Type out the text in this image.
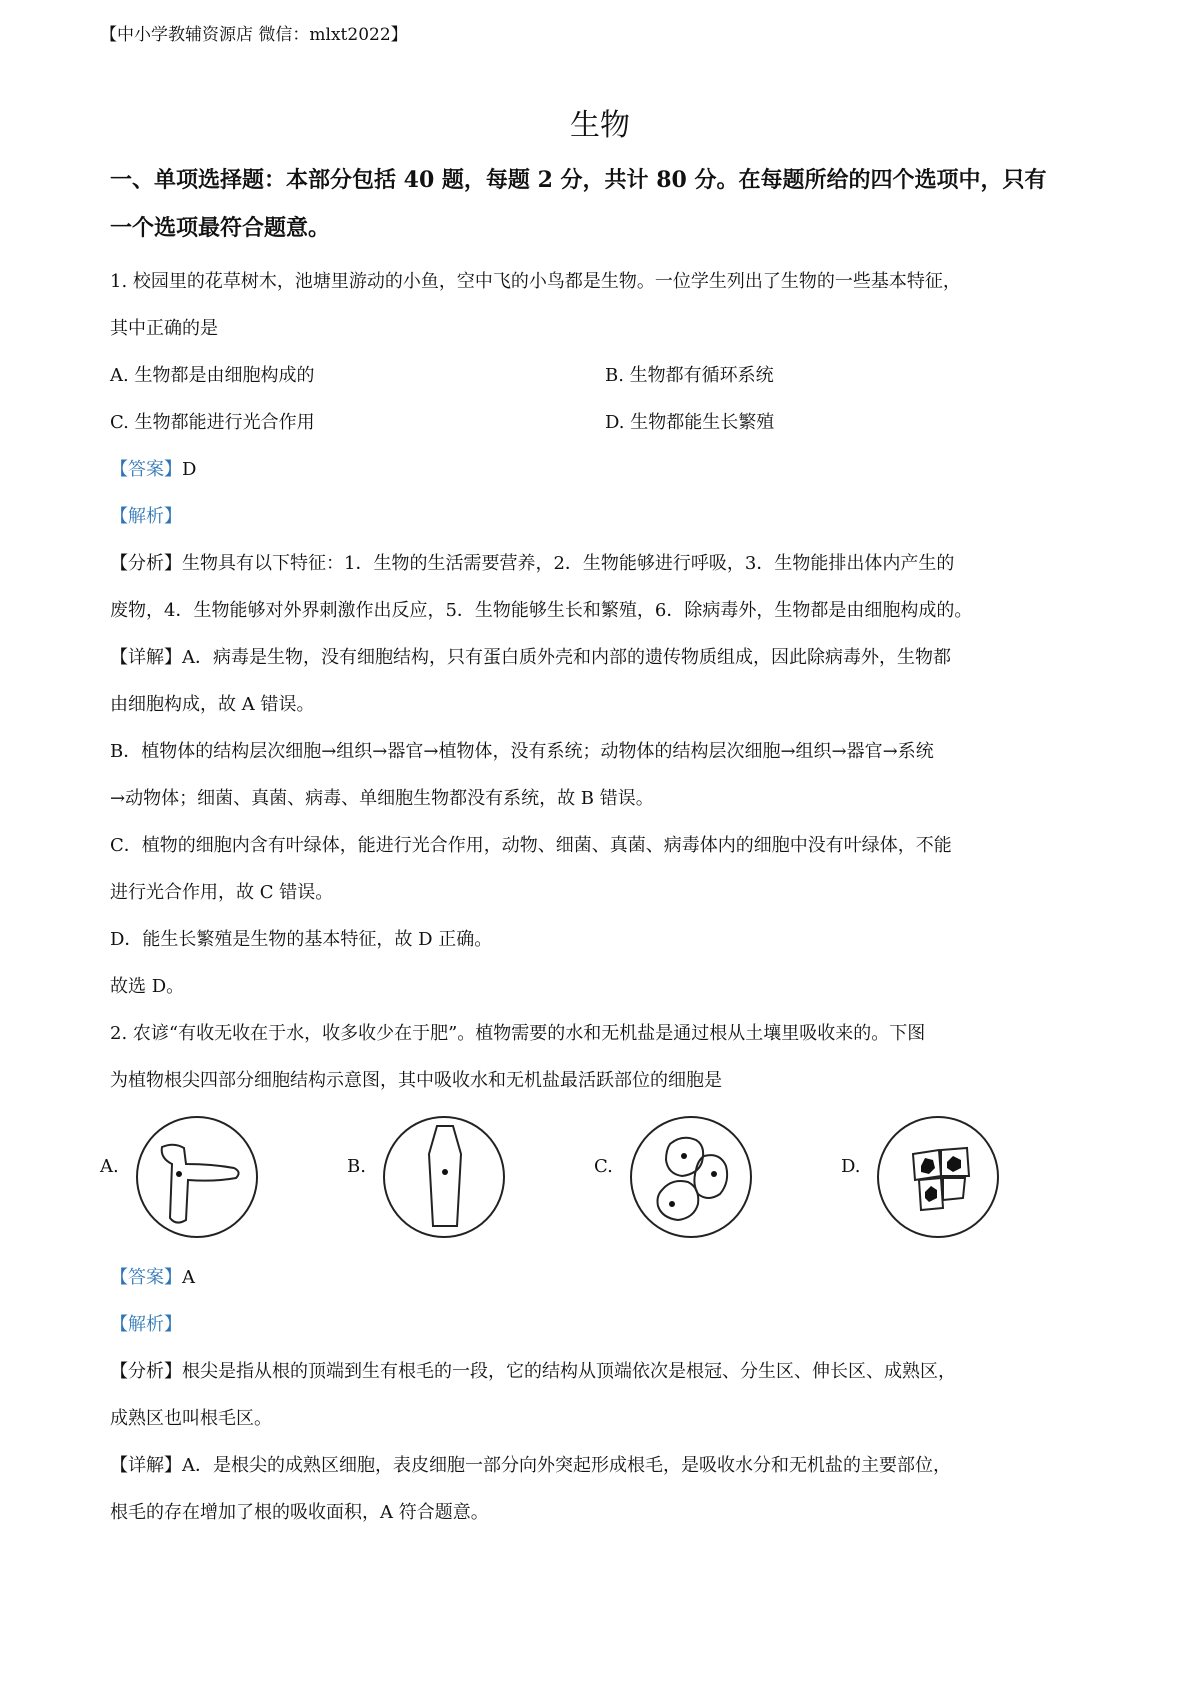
【中小学教辅资源店 微信：mlxt2022】
生物
一、单项选择题：本部分包括 40 题，每题 2 分，共计 80 分。在每题所给的四个选项中，只有
一个选项最符合题意。

1. 校园里的花草树木，池塘里游动的小鱼，空中飞的小鸟都是生物。一位学生列出了生物的一些基本特征，

其中正确的是

A. 生物都是由细胞构成的	B. 生物都有循环系统

C. 生物都能进行光合作用	D. 生物都能生长繁殖

【答案】D

【解析】

【分析】生物具有以下特征：1．生物的生活需要营养，2．生物能够进行呼吸，3．生物能排出体内产生的

废物，4．生物能够对外界刺激作出反应，5．生物能够生长和繁殖，6．除病毒外，生物都是由细胞构成的。

【详解】A．病毒是生物，没有细胞结构，只有蛋白质外壳和内部的遗传物质组成，因此除病毒外，生物都

由细胞构成，故 A 错误。

B．植物体的结构层次细胞→组织→器官→植物体，没有系统；动物体的结构层次细胞→组织→器官→系统

→动物体；细菌、真菌、病毒、单细胞生物都没有系统，故 B 错误。

C．植物的细胞内含有叶绿体，能进行光合作用，动物、细菌、真菌、病毒体内的细胞中没有叶绿体，不能

进行光合作用，故 C 错误。

D．能生长繁殖是生物的基本特征，故 D 正确。

故选 D。

2. 农谚“有收无收在于水，收多收少在于肥”。植物需要的水和无机盐是通过根从土壤里吸收来的。下图

为植物根尖四部分细胞结构示意图，其中吸收水和无机盐最活跃部位的细胞是

A.	B.	C.	D.

【答案】A

【解析】

【分析】根尖是指从根的顶端到生有根毛的一段，它的结构从顶端依次是根冠、分生区、伸长区、成熟区，

成熟区也叫根毛区。

【详解】A．是根尖的成熟区细胞，表皮细胞一部分向外突起形成根毛，是吸收水分和无机盐的主要部位，

根毛的存在增加了根的吸收面积，A 符合题意。
